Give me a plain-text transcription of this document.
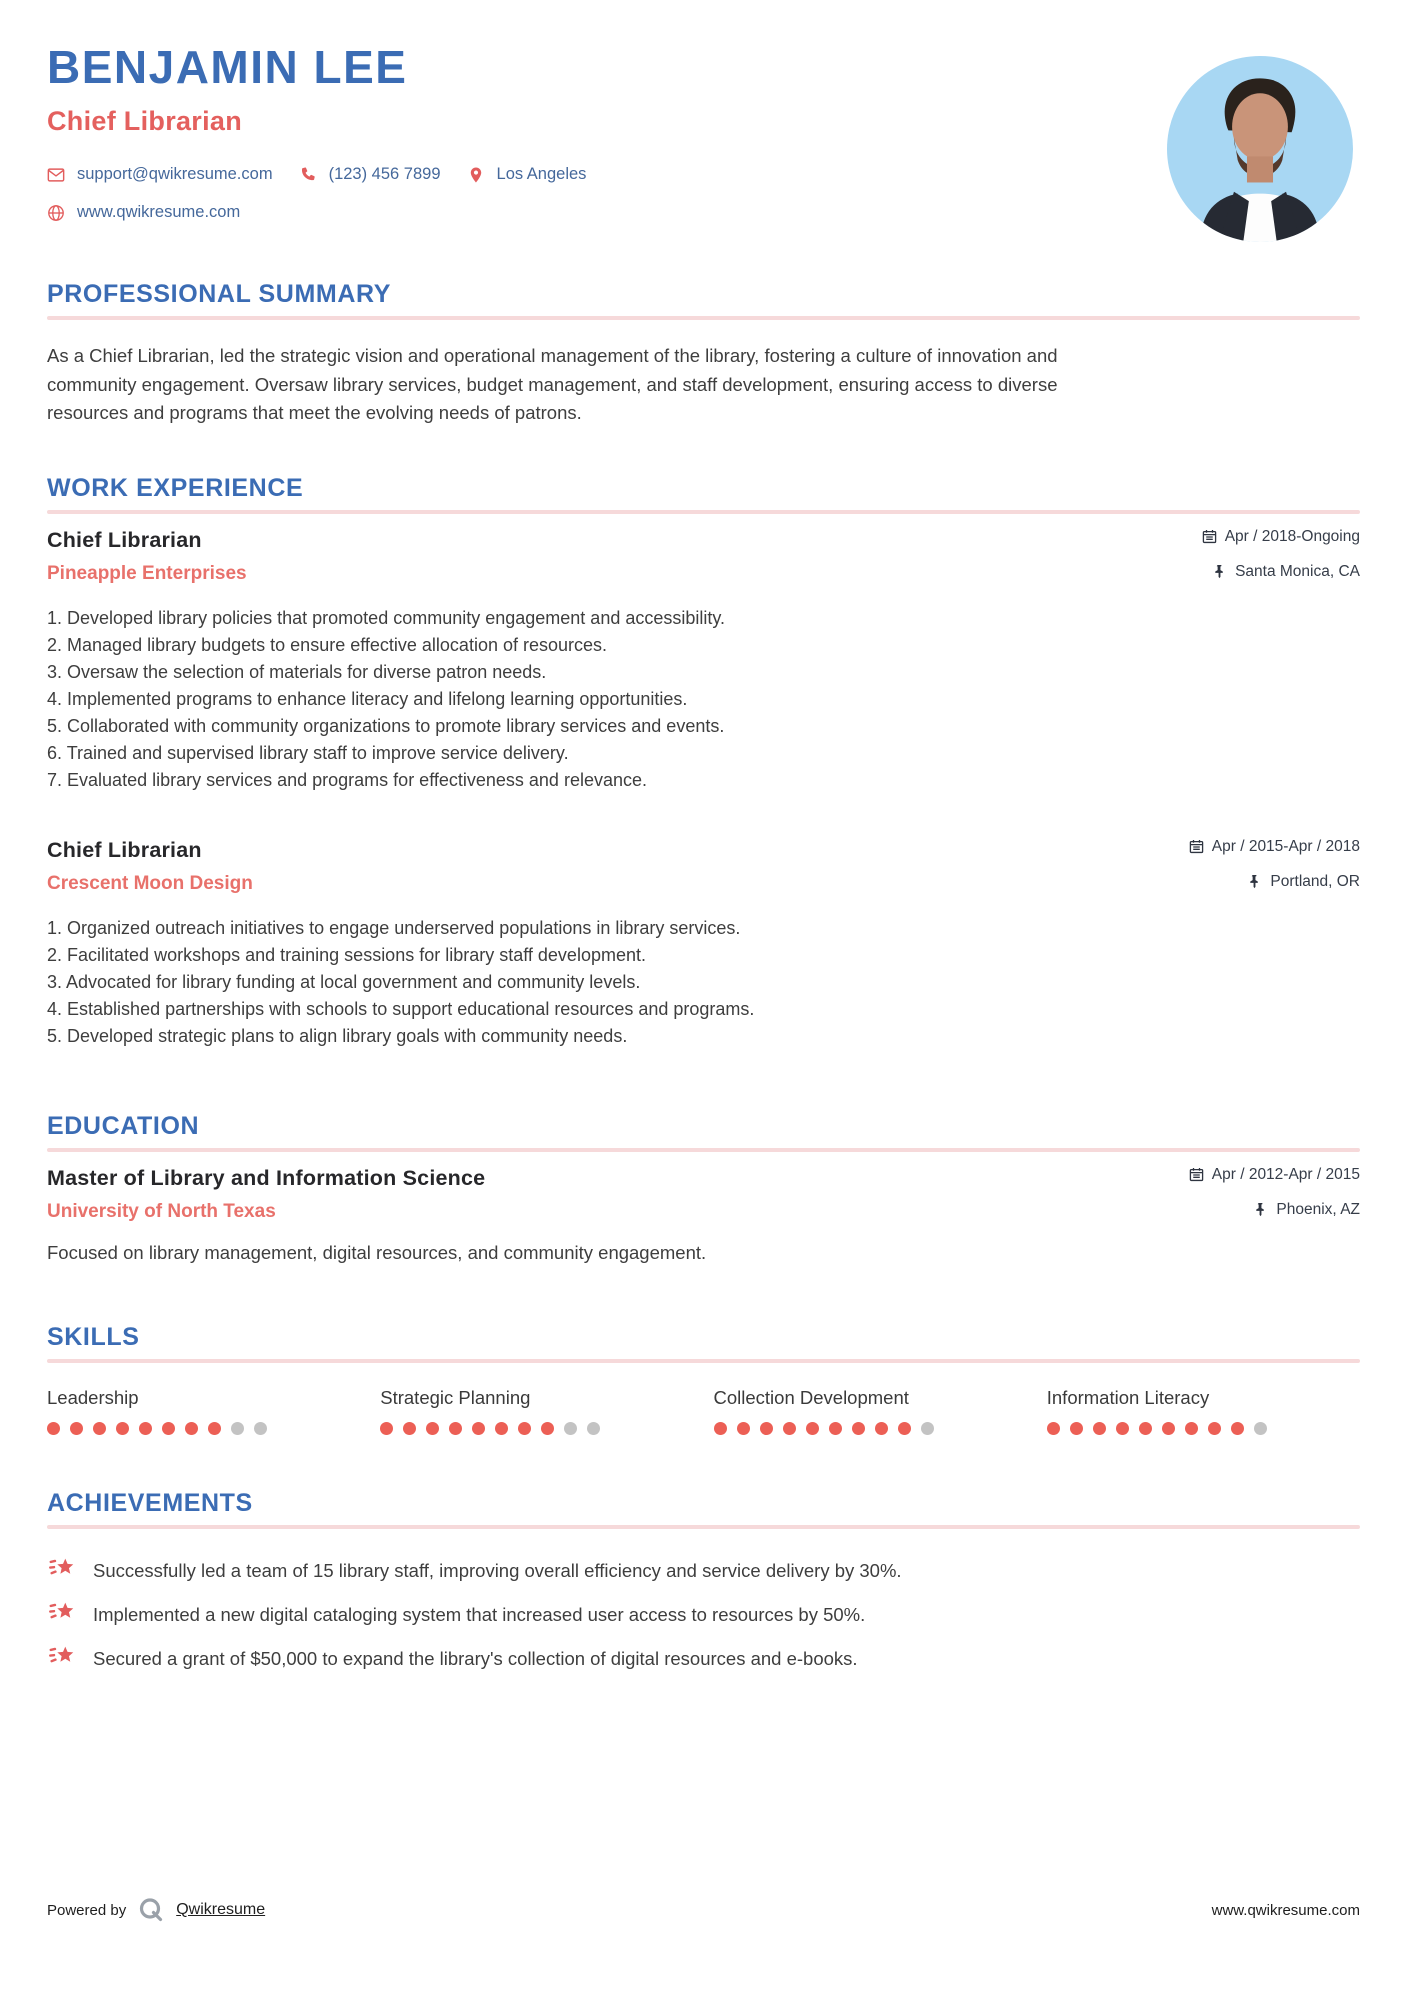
BENJAMIN LEE
Chief Librarian
support@qwikresume.com	(123) 456 7899	Los Angeles
www.qwikresume.com
PROFESSIONAL SUMMARY

As a Chief Librarian, led the strategic vision and operational management of the library, fostering a culture of innovation and community engagement. Oversaw library services, budget management, and staff development, ensuring access to diverse resources and programs that meet the evolving needs of patrons.

WORK EXPERIENCE
Chief Librarian	Apr / 2018-Ongoing
Pineapple Enterprises	Santa Monica, CA
Developed library policies that promoted community engagement and accessibility.
Managed library budgets to ensure effective allocation of resources.
Oversaw the selection of materials for diverse patron needs.
Implemented programs to enhance literacy and lifelong learning opportunities.
Collaborated with community organizations to promote library services and events.
Trained and supervised library staff to improve service delivery.
Evaluated library services and programs for effectiveness and relevance.
Chief Librarian	Apr / 2015-Apr / 2018
Crescent Moon Design	Portland, OR
Organized outreach initiatives to engage underserved populations in library services.
Facilitated workshops and training sessions for library staff development.
Advocated for library funding at local government and community levels.
Established partnerships with schools to support educational resources and programs.
Developed strategic plans to align library goals with community needs.
EDUCATION
Master of Library and Information Science	Apr / 2012-Apr / 2015
University of North Texas	Phoenix, AZ

Focused on library management, digital resources, and community engagement.

SKILLS
Leadership	Strategic Planning	Collection Development	Information Literacy
ACHIEVEMENTS
Successfully led a team of 15 library staff, improving overall efficiency and service delivery by 30%.
Implemented a new digital cataloging system that increased user access to resources by 50%.
Secured a grant of $50,000 to expand the library's collection of digital resources and e-books.
Powered by	Qwikresume	www.qwikresume.com
